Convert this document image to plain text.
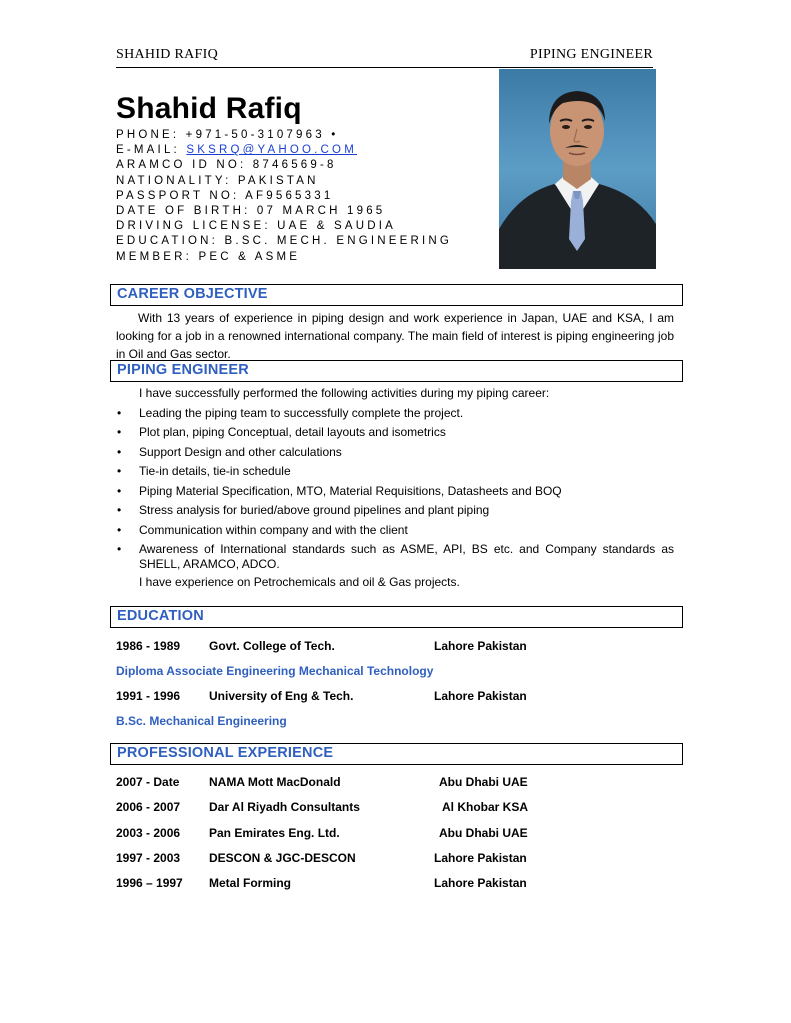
SHAHID RAFIQ	PIPING ENGINEER
Shahid Rafiq
PHONE: +971-50-3107963 •
E-MAIL: SKSRQ@YAHOO.COM
ARAMCO ID NO: 8746569-8
NATIONALITY: PAKISTAN
PASSPORT NO: AF9565331
DATE OF BIRTH: 07 MARCH 1965
DRIVING LICENSE: UAE & SAUDIA
EDUCATION: B.SC. MECH. ENGINEERING
MEMBER: PEC & ASME
CAREER OBJECTIVE
With 13 years of experience in piping design and work experience in Japan, UAE and KSA, I am looking for a job in a renowned international company. The main field of interest is piping engineering job in Oil and Gas sector.
PIPING ENGINEER
I have successfully performed the following activities during my piping career:
• Leading the piping team to successfully complete the project.
• Plot plan, piping Conceptual, detail layouts and isometrics
• Support Design and other calculations
• Tie-in details, tie-in schedule
• Piping Material Specification, MTO, Material Requisitions, Datasheets and BOQ
• Stress analysis for buried/above ground pipelines and plant piping
• Communication within company and with the client
• Awareness of International standards such as ASME, API, BS etc. and Company standards as SHELL, ARAMCO, ADCO.
I have experience on Petrochemicals and oil & Gas projects.
EDUCATION
1986 - 1989 Govt. College of Tech.	Lahore Pakistan
Diploma Associate Engineering Mechanical Technology
1991 - 1996 University of Eng & Tech.	Lahore Pakistan
B.Sc. Mechanical Engineering
PROFESSIONAL EXPERIENCE
2007 - Date NAMA Mott MacDonald	Abu Dhabi UAE
2006 - 2007 Dar Al Riyadh Consultants	Al Khobar KSA
2003 - 2006 Pan Emirates Eng. Ltd.	Abu Dhabi UAE
1997 - 2003 DESCON & JGC-DESCON	Lahore Pakistan
1996 – 1997 Metal Forming	Lahore Pakistan
